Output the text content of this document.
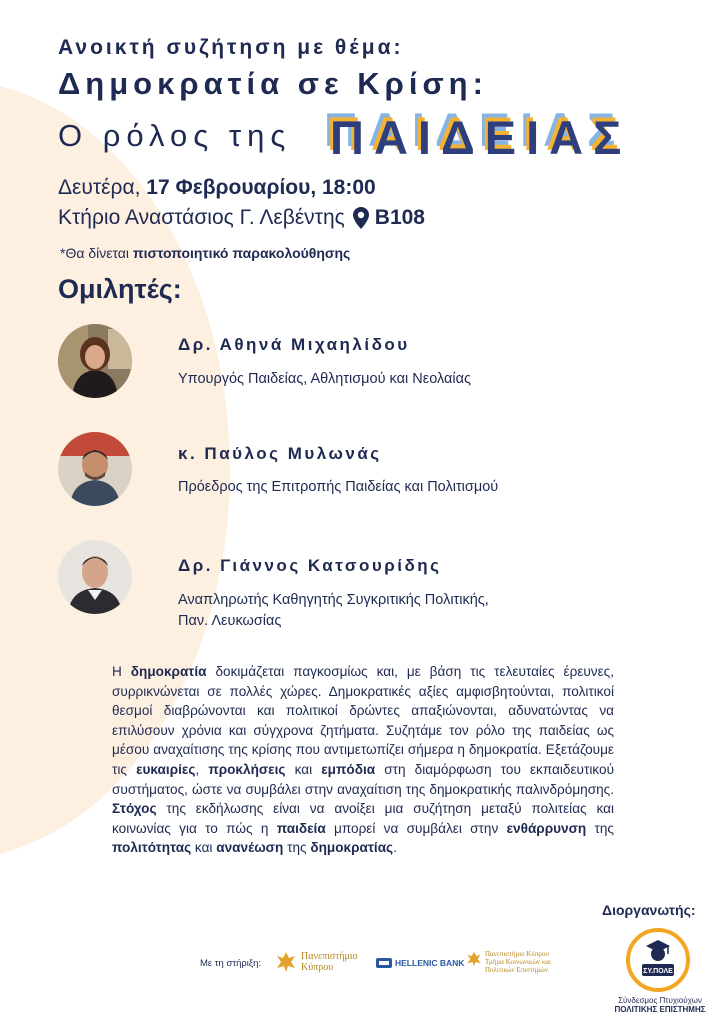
Ανοικτή συζήτηση με θέμα:
Δημοκρατία σε Κρίση:
Ο ρόλος της ΠΑΙΔΕΙΑΣ
Δευτέρα, 17 Φεβρουαρίου, 18:00
Κτήριο Αναστάσιος Γ. Λεβέντης Β108
*Θα δίνεται πιστοποιητικό παρακολούθησης
Ομιλητές:
Δρ. Αθηνά Μιχαηλίδου
Υπουργός Παιδείας, Αθλητισμού και Νεολαίας
κ. Παύλος Μυλωνάς
Πρόεδρος της Επιτροπής Παιδείας και Πολιτισμού
Δρ. Γιάννος Κατσουρίδης
Αναπληρωτής Καθηγητής Συγκριτικής Πολιτικής,
Παν. Λευκωσίας
Η δημοκρατία δοκιμάζεται παγκοσμίως και, με βάση τις τελευταίες έρευνες, συρρικνώνεται σε πολλές χώρες. Δημοκρατικές αξίες αμφισβητούνται, πολιτικοί θεσμοί διαβρώνονται και πολιτικοί δρώντες απαξιώνονται, αδυνατώντας να επιλύσουν χρόνια και σύγχρονα ζητήματα. Συζητάμε τον ρόλο της παιδείας ως μέσου αναχαίτισης της κρίσης που αντιμετωπίζει σήμερα η δημοκρατία. Εξετάζουμε τις ευκαιρίες, προκλήσεις και εμπόδια στη διαμόρφωση του εκπαιδευτικού συστήματος, ώστε να συμβάλει στην αναχαίτιση της δημοκρατικής παλινδρόμησης. Στόχος της εκδήλωσης είναι να ανοίξει μια συζήτηση μεταξύ πολιτείας και κοινωνίας για το πώς η παιδεία μπορεί να συμβάλει στην ενθάρρυνση της πολιτότητας και ανανέωση της δημοκρατίας.
Διοργανωτής:
ΣΥ.ΠΟΛΕ
Σύνδεσμος Πτυχιούχων
ΠΟΛΙΤΙΚΗΣ ΕΠΙΣΤΗΜΗΣ
Με τη στήριξη:
Πανεπιστήμιο
Κύπρου	HELLENIC BANK
Πανεπιστήμιο Κύπρου
Τμήμα Κοινωνικών και
Πολιτικών Επιστημών
